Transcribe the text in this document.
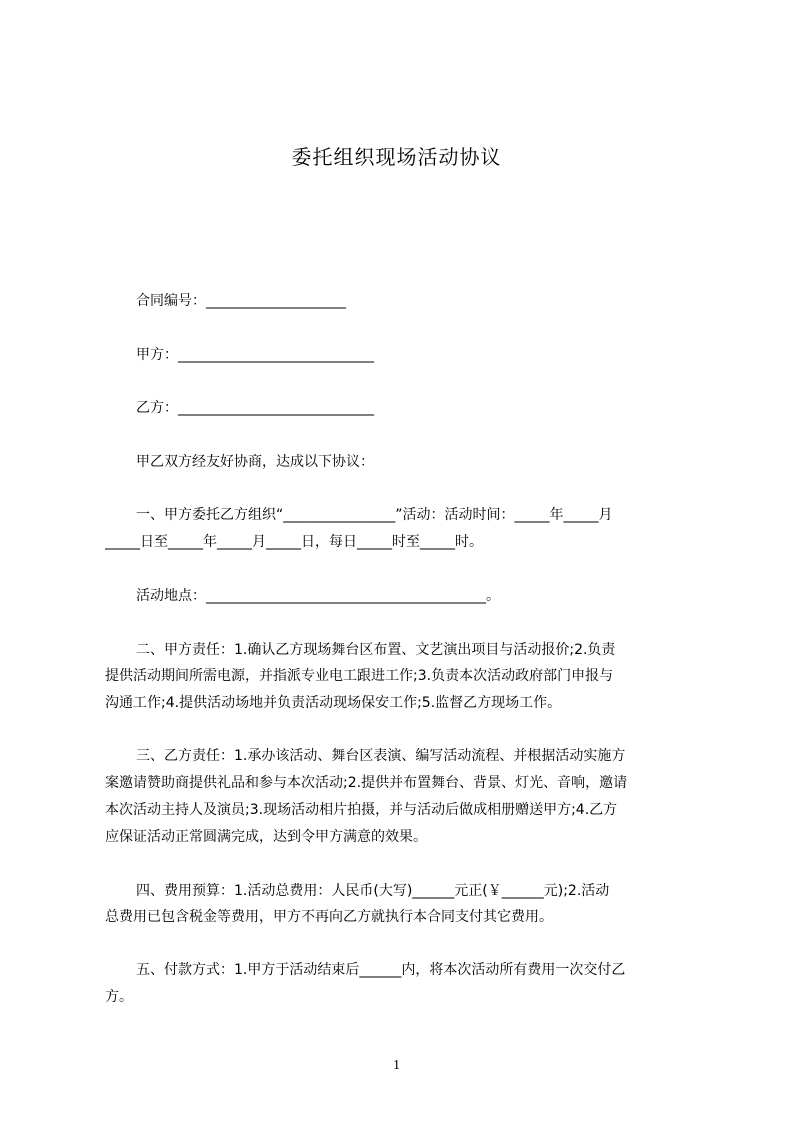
委托组织现场活动协议
合同编号：____________________
甲方：____________________________
乙方：____________________________
甲乙双方经友好协商，达成以下协议：
一、甲方委托乙方组织“________________”活动：活动时间：_____年_____月
_____日至_____年_____月_____日，每日_____时至_____时。
活动地点：________________________________________。
二、甲方责任：1.确认乙方现场舞台区布置、文艺演出项目与活动报价;2.负责
提供活动期间所需电源，并指派专业电工跟进工作;3.负责本次活动政府部门申报与
沟通工作;4.提供活动场地并负责活动现场保安工作;5.监督乙方现场工作。
三、乙方责任：1.承办该活动、舞台区表演、编写活动流程、并根据活动实施方
案邀请赞助商提供礼品和参与本次活动;2.提供并布置舞台、背景、灯光、音响，邀请
本次活动主持人及演员;3.现场活动相片拍摄，并与活动后做成相册赠送甲方;4.乙方
应保证活动正常圆满完成，达到令甲方满意的效果。
四、费用预算：1.活动总费用：人民币(大写)______元正(￥______元);2.活动
总费用已包含税金等费用，甲方不再向乙方就执行本合同支付其它费用。
五、付款方式：1.甲方于活动结束后______内，将本次活动所有费用一次交付乙
方。
1
